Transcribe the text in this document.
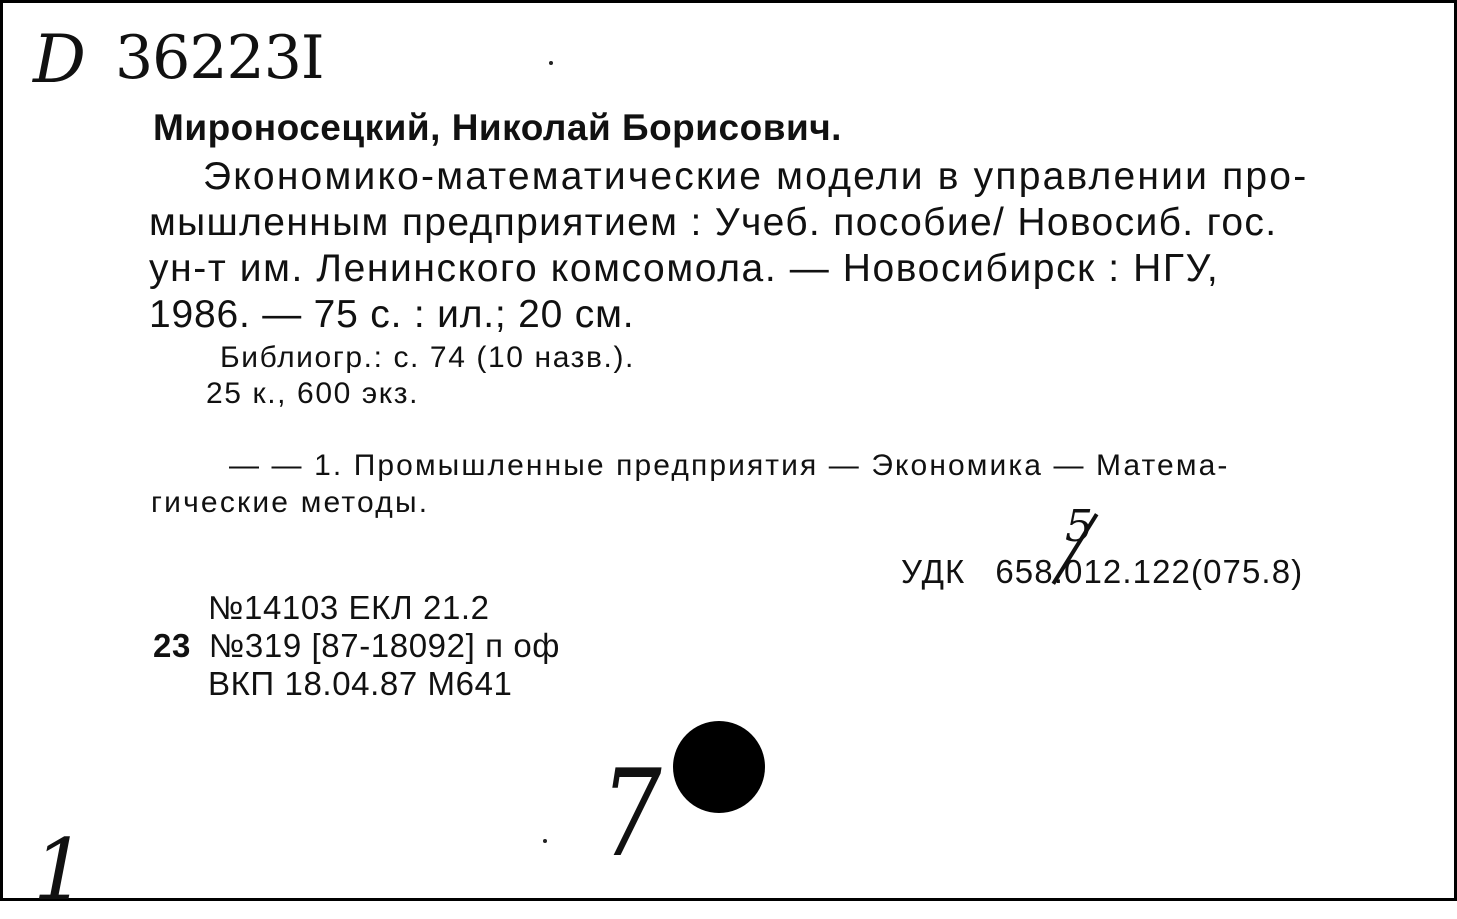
D 36223I
Мироносецкий, Николай Борисович.
Экономико-математические модели в управлении про-
мышленным предприятием : Учеб. пособие/ Новосиб. гос.
ун-т им. Ленинского комсомола. — Новосибирск : НГУ,
1986. — 75 с. : ил.; 20 см.
Библиогр.: с. 74 (10 назв.).
25 к., 600 экз.
— — 1. Промышленные предприятия — Экономика — Матема-
гические методы.
УДК 658.012.122(075.8)
5
№14103 ЕКЛ 21.2
23 №319 [87-18092] п оф
ВКП 18.04.87 М641
7
1
